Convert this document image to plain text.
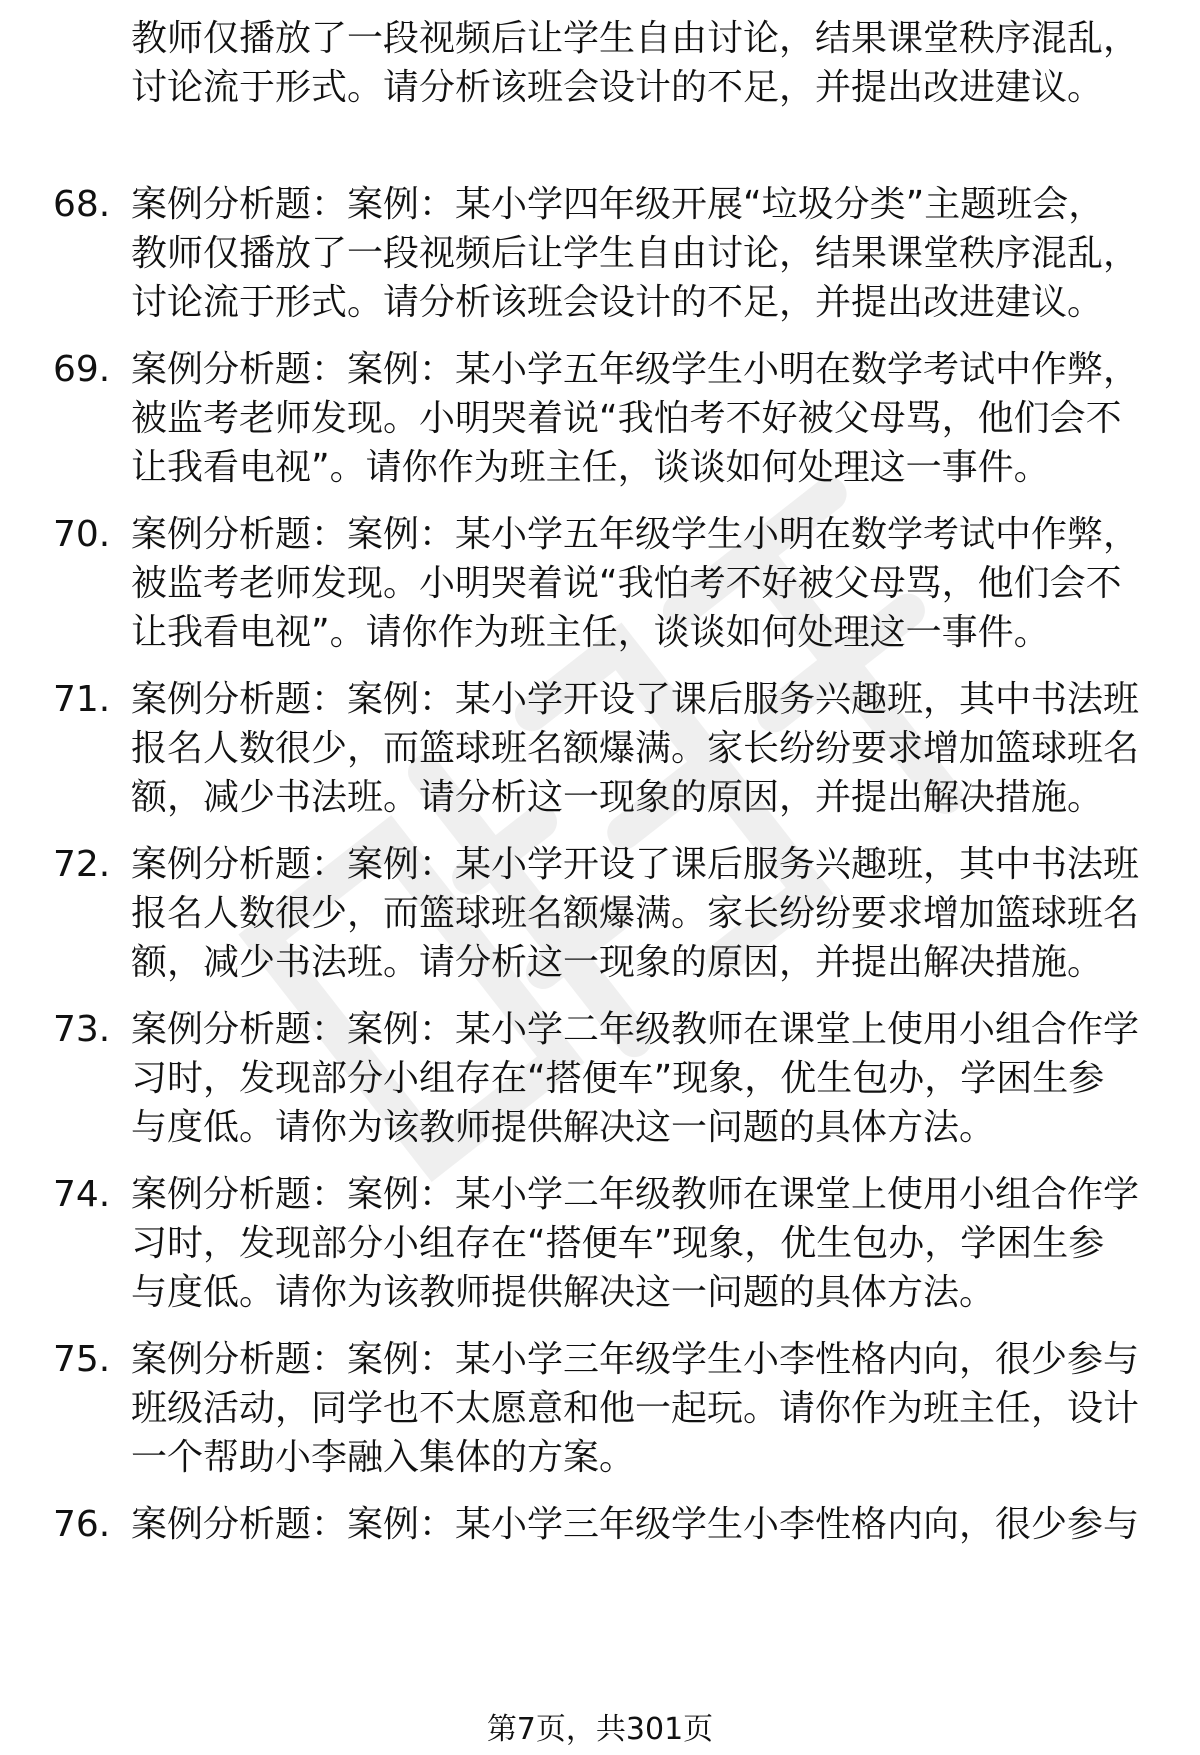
教师仅播放了一段视频后让学生自由讨论，结果课堂秩序混乱，
讨论流于形式。请分析该班会设计的不足，并提出改进建议。
68. 案例分析题：案例：某小学四年级开展“垃圾分类”主题班会，
教师仅播放了一段视频后让学生自由讨论，结果课堂秩序混乱，
讨论流于形式。请分析该班会设计的不足，并提出改进建议。
69. 案例分析题：案例：某小学五年级学生小明在数学考试中作弊，
被监考老师发现。小明哭着说“我怕考不好被父母骂，他们会不
让我看电视”。请你作为班主任，谈谈如何处理这一事件。
70. 案例分析题：案例：某小学五年级学生小明在数学考试中作弊，
被监考老师发现。小明哭着说“我怕考不好被父母骂，他们会不
让我看电视”。请你作为班主任，谈谈如何处理这一事件。
71. 案例分析题：案例：某小学开设了课后服务兴趣班，其中书法班
报名人数很少，而篮球班名额爆满。家长纷纷要求增加篮球班名
额，减少书法班。请分析这一现象的原因，并提出解决措施。
72. 案例分析题：案例：某小学开设了课后服务兴趣班，其中书法班
报名人数很少，而篮球班名额爆满。家长纷纷要求增加篮球班名
额，减少书法班。请分析这一现象的原因，并提出解决措施。
73. 案例分析题：案例：某小学二年级教师在课堂上使用小组合作学
习时，发现部分小组存在“搭便车”现象，优生包办，学困生参
与度低。请你为该教师提供解决这一问题的具体方法。
74. 案例分析题：案例：某小学二年级教师在课堂上使用小组合作学
习时，发现部分小组存在“搭便车”现象，优生包办，学困生参
与度低。请你为该教师提供解决这一问题的具体方法。
75. 案例分析题：案例：某小学三年级学生小李性格内向，很少参与
班级活动，同学也不太愿意和他一起玩。请你作为班主任，设计
一个帮助小李融入集体的方案。
76. 案例分析题：案例：某小学三年级学生小李性格内向，很少参与
第7页，共301页
